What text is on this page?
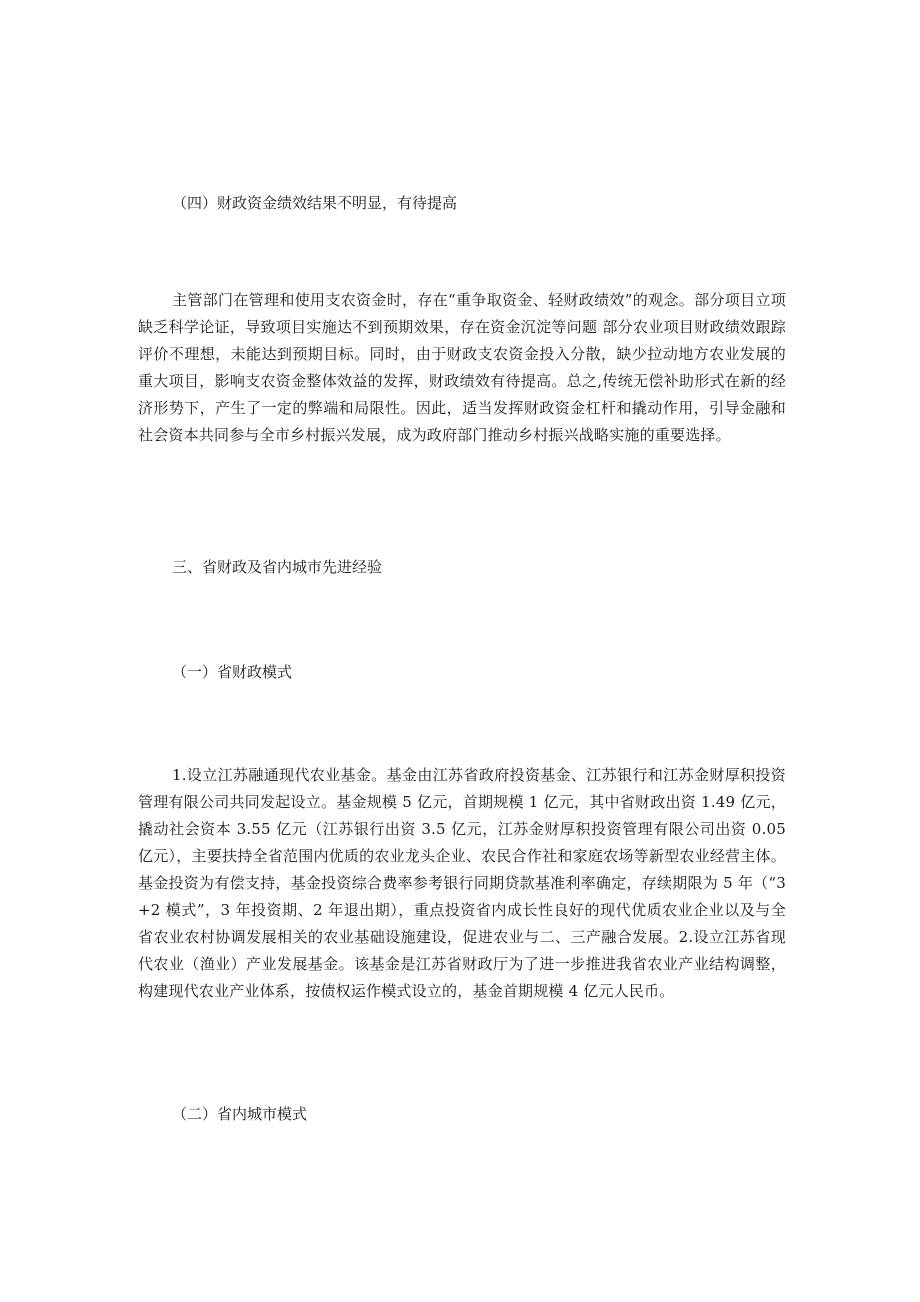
（四）财政资金绩效结果不明显，有待提高

主管部门在管理和使用支农资金时，存在“重争取资金、轻财政绩效”的观念。部分项目立项缺乏科学论证，导致项目实施达不到预期效果，存在资金沉淀等问题 部分农业项目财政绩效跟踪评价不理想，未能达到预期目标。同时，由于财政支农资金投入分散，缺少拉动地方农业发展的重大项目，影响支农资金整体效益的发挥，财政绩效有待提高。总之,传统无偿补助形式在新的经济形势下，产生了一定的弊端和局限性。因此，适当发挥财政资金杠杆和撬动作用，引导金融和社会资本共同参与全市乡村振兴发展，成为政府部门推动乡村振兴战略实施的重要选择。

三、省财政及省内城市先进经验
（一）省财政模式

1.设立江苏融通现代农业基金。基金由江苏省政府投资基金、江苏银行和江苏金财厚积投资管理有限公司共同发起设立。基金规模 5 亿元，首期规模 1 亿元，其中省财政出资 1.49 亿元，撬动社会资本 3.55 亿元（江苏银行出资 3.5 亿元，江苏金财厚积投资管理有限公司出资 0.05 亿元），主要扶持全省范围内优质的农业龙头企业、农民合作社和家庭农场等新型农业经营主体。基金投资为有偿支持，基金投资综合费率参考银行同期贷款基准利率确定，存续期限为 5 年（“3+2 模式”，3 年投资期、2 年退出期），重点投资省内成长性良好的现代优质农业企业以及与全省农业农村协调发展相关的农业基础设施建设，促进农业与二、三产融合发展。2.设立江苏省现代农业（渔业）产业发展基金。该基金是江苏省财政厅为了进一步推进我省农业产业结构调整，构建现代农业产业体系，按债权运作模式设立的，基金首期规模 4 亿元人民币。

（二）省内城市模式
